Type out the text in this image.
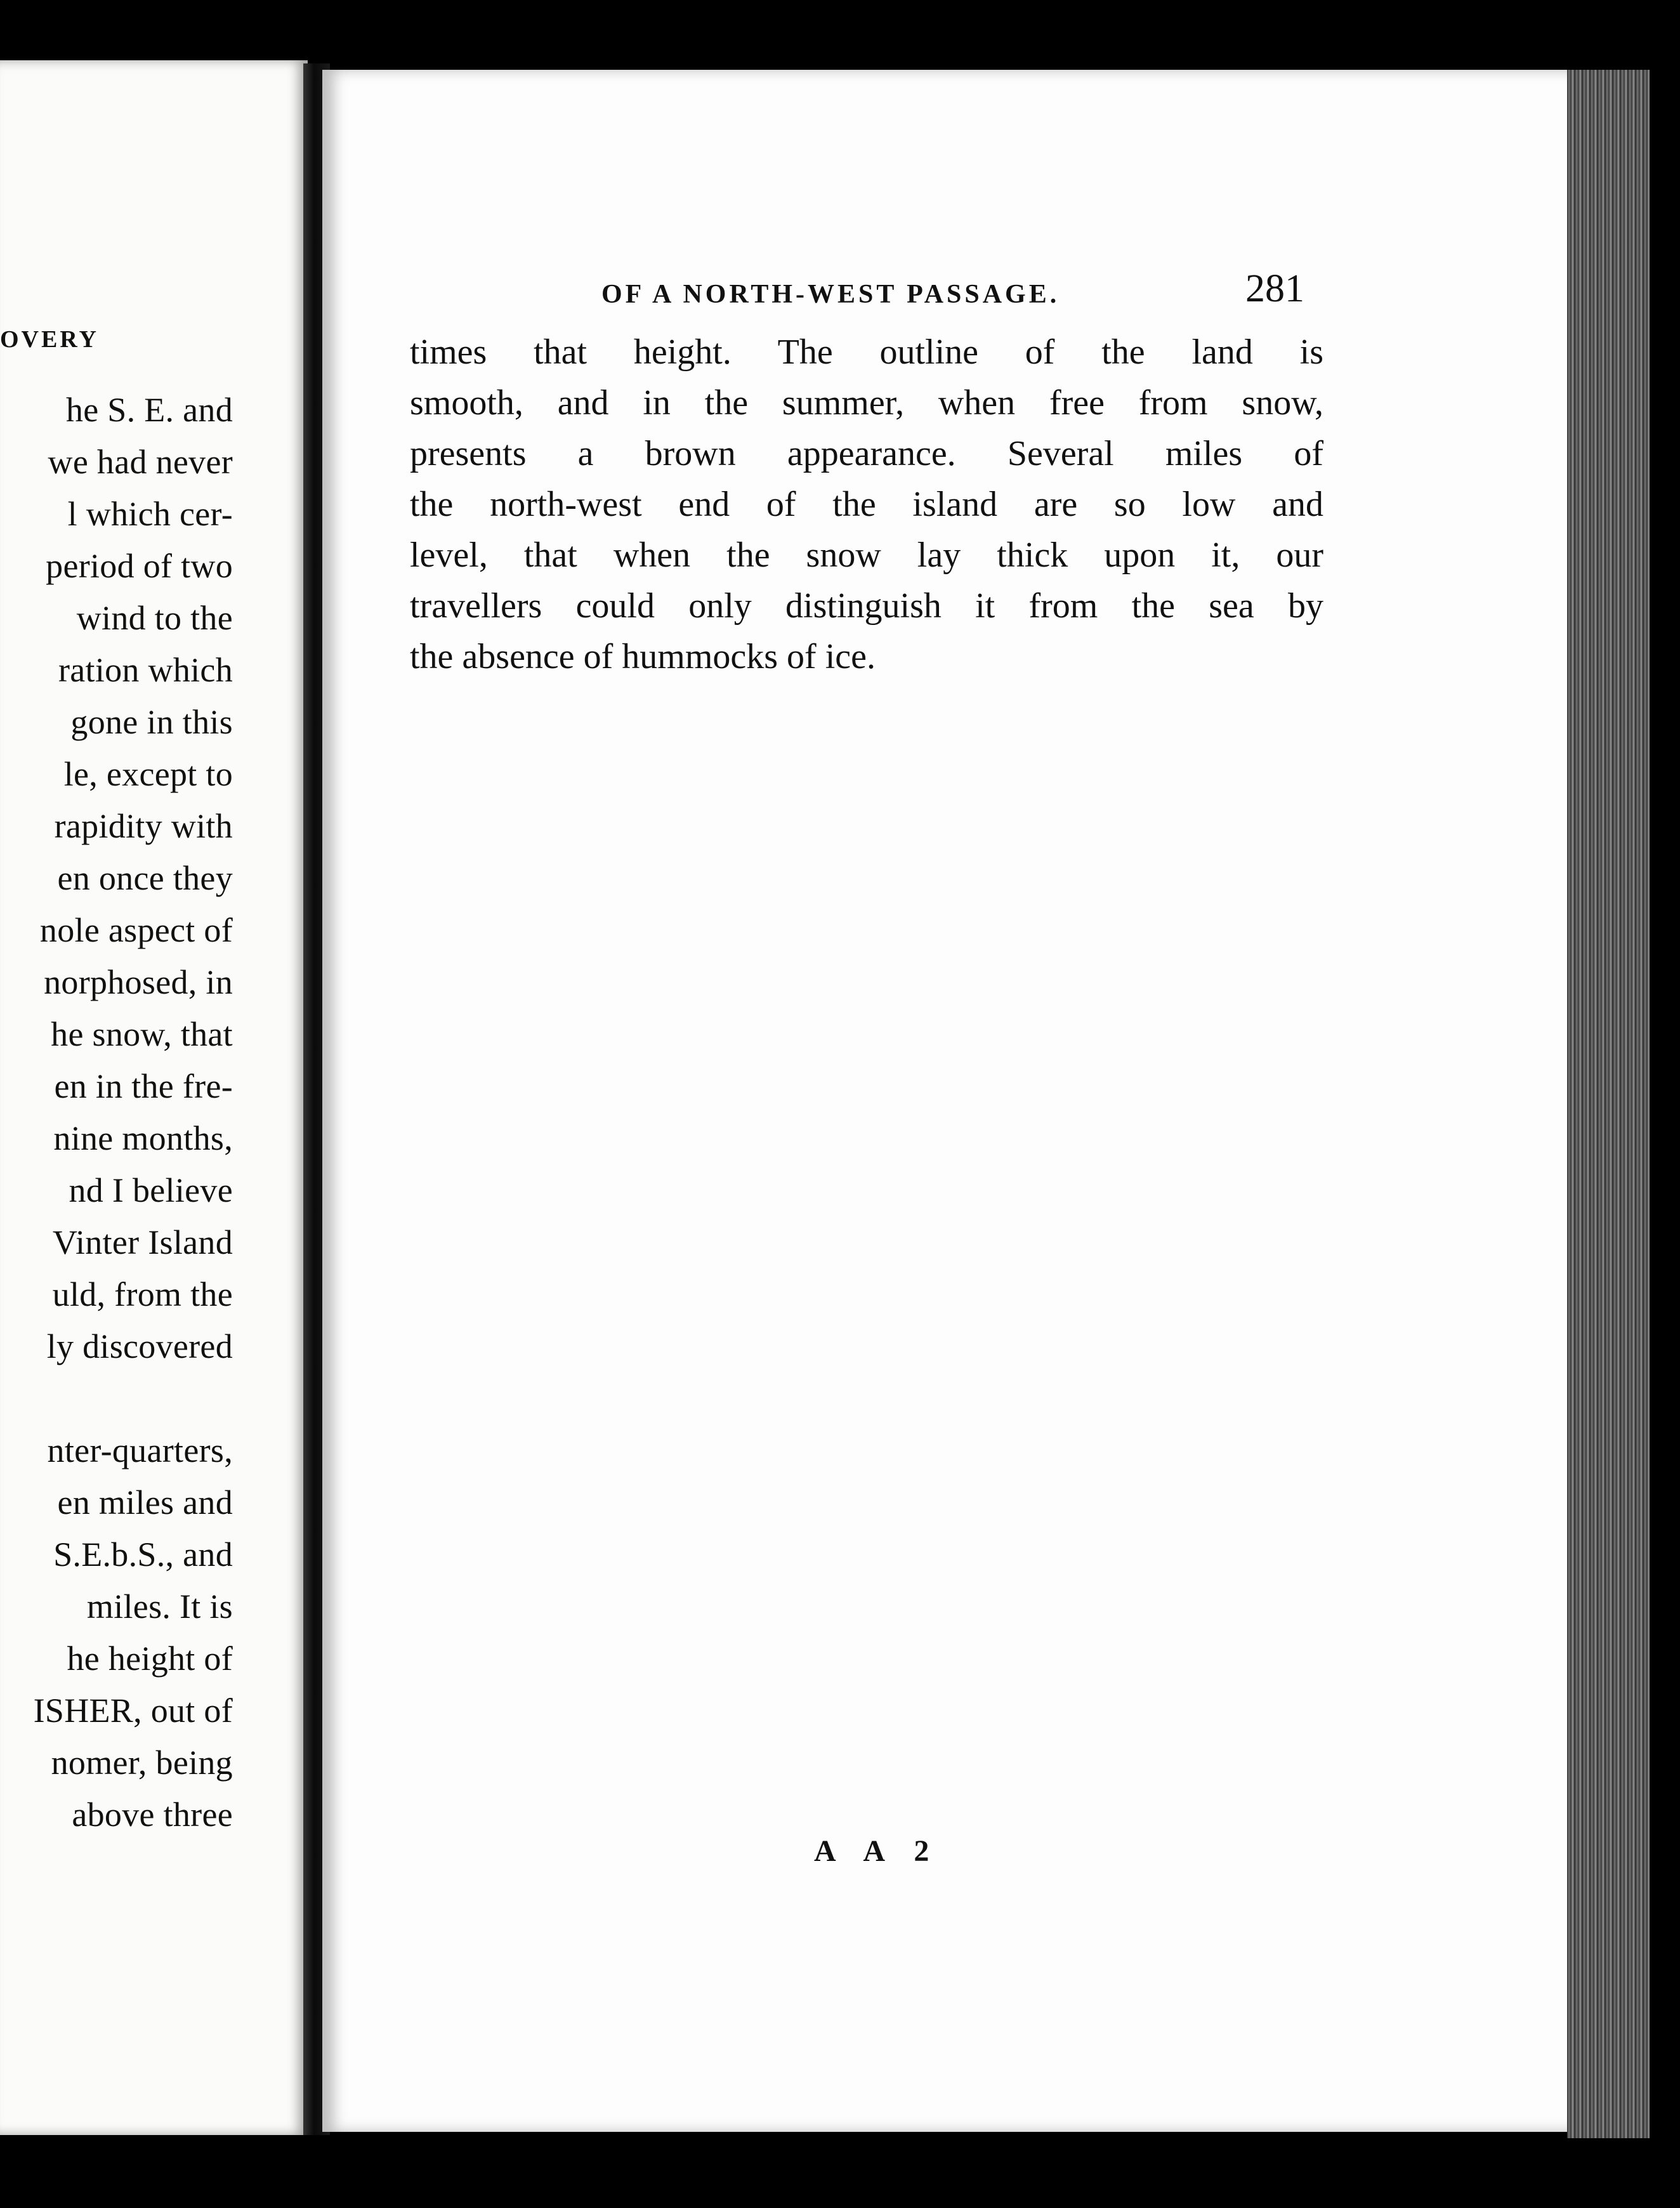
OVERY
he S. E. and
we had never
l which cer-
period of two
wind to the
ration which
gone in this
le, except to
rapidity with
en once they
nole aspect of
norphosed, in
he snow, that
en in the fre-
nine months,
nd I believe
Vinter Island
uld, from the
ly discovered
nter-quarters,
en miles and
S.E.b.S., and
miles. It is
he height of
ISHER, out of
nomer, being
above three
OF A NORTH-WEST PASSAGE.	281
times that height. The outline of the land is
smooth, and in the summer, when free from snow,
presents a brown appearance. Several miles of
the north-west end of the island are so low and
level, that when the snow lay thick upon it, our
travellers could only distinguish it from the sea by
the absence of hummocks of ice.
A A 2
